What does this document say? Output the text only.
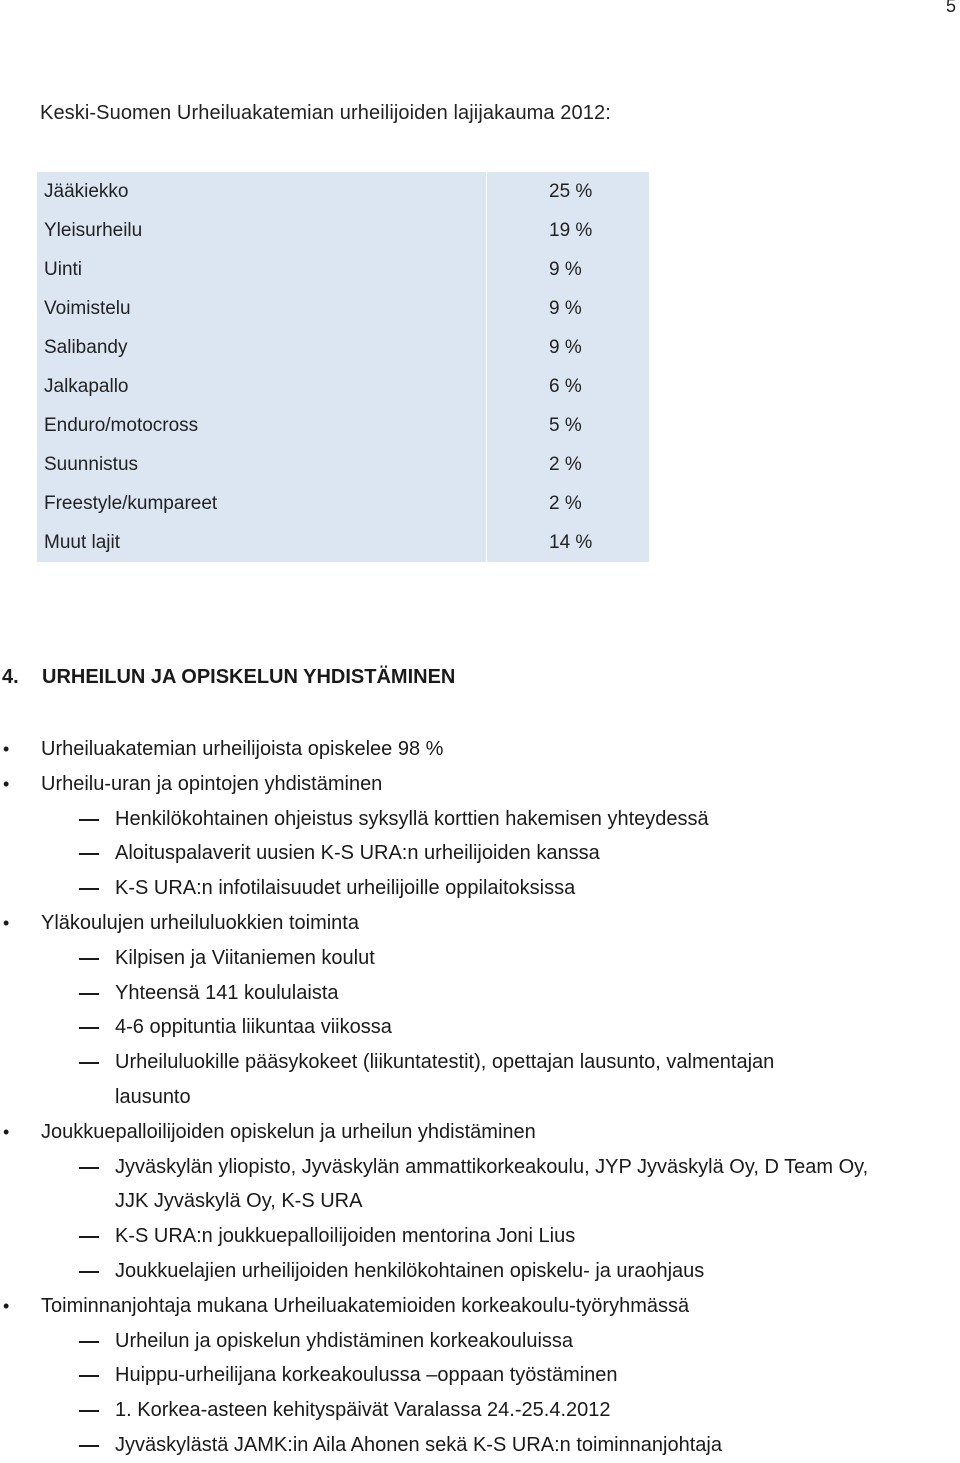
5
Keski-Suomen Urheiluakatemian urheilijoiden lajijakauma 2012:
Jääkiekko	25 %
Yleisurheilu	19 %
Uinti	9 %
Voimistelu	9 %
Salibandy	9 %
Jalkapallo	6 %
Enduro/motocross	5 %
Suunnistus	2 %
Freestyle/kumpareet	2 %
Muut lajit	14 %
4. URHEILUN JA OPISKELUN YHDISTÄMINEN
• Urheiluakatemian urheilijoista opiskelee 98 %
• Urheilu-uran ja opintojen yhdistäminen
Henkilökohtainen ohjeistus syksyllä korttien hakemisen yhteydessä
Aloituspalaverit uusien K-S URA:n urheilijoiden kanssa
K-S URA:n infotilaisuudet urheilijoille oppilaitoksissa
• Yläkoulujen urheiluluokkien toiminta
Kilpisen ja Viitaniemen koulut
Yhteensä 141 koululaista
4-6 oppituntia liikuntaa viikossa
Urheiluluokille pääsykokeet (liikuntatestit), opettajan lausunto, valmentajan
lausunto
• Joukkuepalloilijoiden opiskelun ja urheilun yhdistäminen
Jyväskylän yliopisto, Jyväskylän ammattikorkeakoulu, JYP Jyväskylä Oy, D Team Oy,
JJK Jyväskylä Oy, K-S URA
K-S URA:n joukkuepalloilijoiden mentorina Joni Lius
Joukkuelajien urheilijoiden henkilökohtainen opiskelu- ja uraohjaus
• Toiminnanjohtaja mukana Urheiluakatemioiden korkeakoulu-työryhmässä
Urheilun ja opiskelun yhdistäminen korkeakouluissa
Huippu-urheilijana korkeakoulussa –oppaan työstäminen
1. Korkea-asteen kehityspäivät Varalassa 24.-25.4.2012
Jyväskylästä JAMK:in Aila Ahonen sekä K-S URA:n toiminnanjohtaja
